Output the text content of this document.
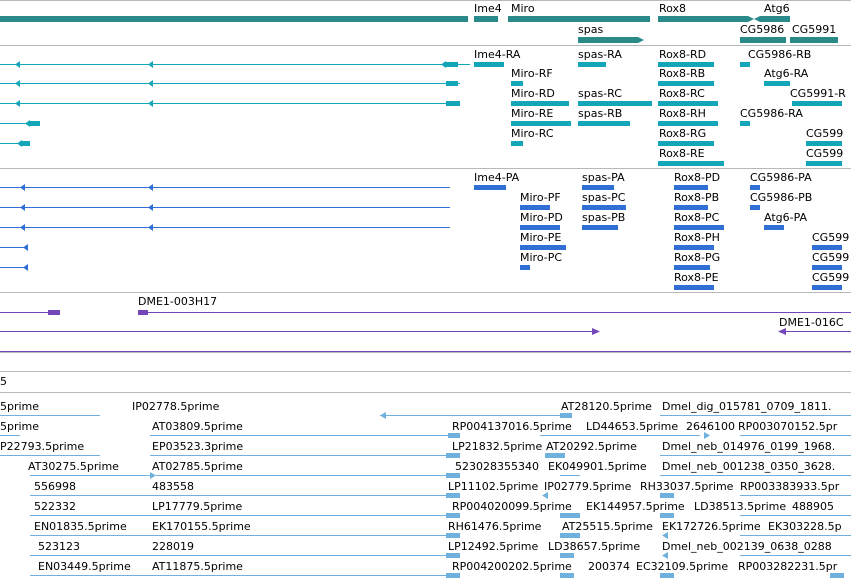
Ime4 Miro	Rox8	Atg6
spas	CG5986 CG5991
Ime4-RA	spas-RA	Rox8-RD	CG5986-RB
Miro-RF	Rox8-RB	Atg6-RA
Miro-RD spas-RC	Rox8-RC	CG5991-R
Miro-RE spas-RB	Rox8-RH	CG5986-RA
Miro-RC	Rox8-RG	CG599
Rox8-RE	CG599
Ime4-PA	spas-PA	Rox8-PD	CG5986-PA
Miro-PF spas-PC	Rox8-PB	CG5986-PB
Miro-PD spas-PB	Rox8-PC	Atg6-PA
Miro-PE	Rox8-PH	CG599
Miro-PC	Rox8-PG	CG599
Rox8-PE	CG599
DME1-003H17
DME1-016C
5
5prime	IP02778.5prime	AT28120.5prime Dmel_dig_015781_0709_1811.
5prime	AT03809.5prime	RP004137016.5prime LD44653.5prime 2646100 RP003070152.5pr
P22793.5prime	EP03523.3prime	LP21832.5prime AT20292.5prime Dmel_neb_014976_0199_1968.
AT30275.5prime	AT02785.5prime	523028355340 EK049901.5prime Dmel_neb_001238_0350_3628.
556998	483558	LP11102.5prime IP02779.5prime RH33037.5prime RP003383933.5pr
522332	LP17779.5prime	RP004020099.5prime EK144957.5prime LD38513.5prime 488905
EN01835.5prime EK170155.5prime	RH61476.5prime AT25515.5prime EK172726.5prime EK303228.5p
523123	228019	LP12492.5prime LD38657.5prime Dmel_neb_002139_0638_0288
EN03449.5prime AT11875.5prime	RP004200202.5prime 200374 EC32109.5prime RP003282231.5pr
